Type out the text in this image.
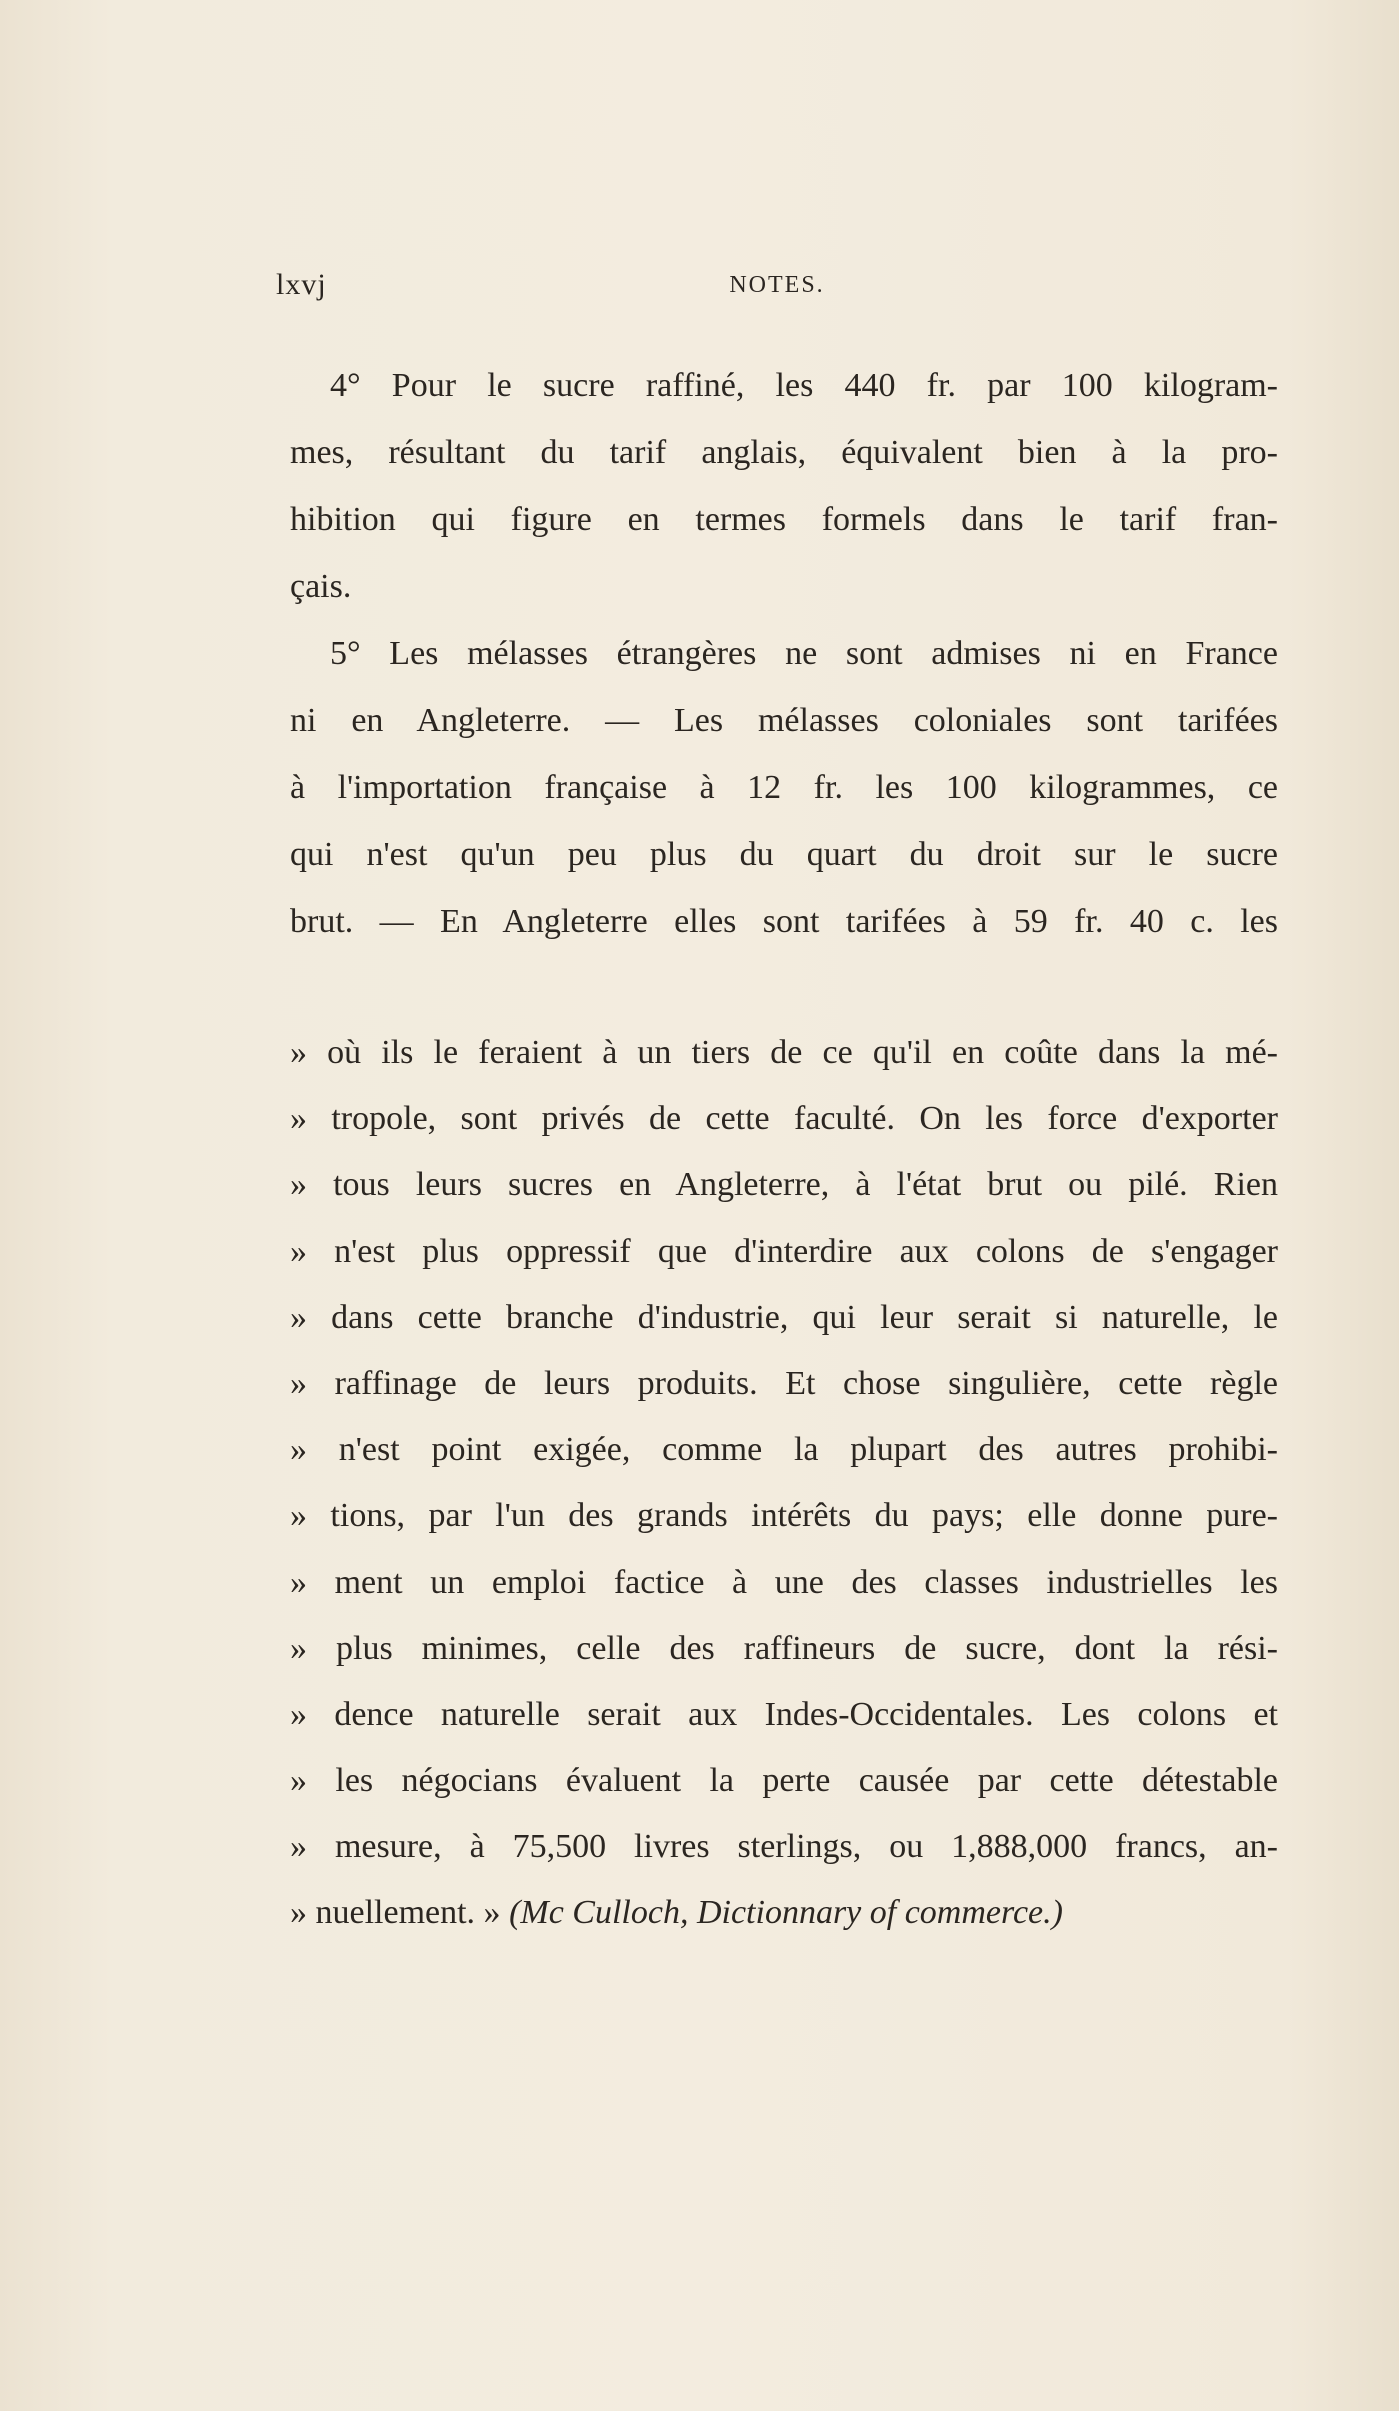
lxvj	NOTES.
4° Pour le sucre raffiné, les 440 fr. par 100 kilogram-
mes, résultant du tarif anglais, équivalent bien à la pro-
hibition qui figure en termes formels dans le tarif fran-
çais.
5° Les mélasses étrangères ne sont admises ni en France
ni en Angleterre. — Les mélasses coloniales sont tarifées
à l'importation française à 12 fr. les 100 kilogrammes, ce
qui n'est qu'un peu plus du quart du droit sur le sucre
brut. — En Angleterre elles sont tarifées à 59 fr. 40 c. les
» où ils le feraient à un tiers de ce qu'il en coûte dans la mé-
» tropole, sont privés de cette faculté. On les force d'exporter
» tous leurs sucres en Angleterre, à l'état brut ou pilé. Rien
» n'est plus oppressif que d'interdire aux colons de s'engager
» dans cette branche d'industrie, qui leur serait si naturelle, le
» raffinage de leurs produits. Et chose singulière, cette règle
» n'est point exigée, comme la plupart des autres prohibi-
» tions, par l'un des grands intérêts du pays; elle donne pure-
» ment un emploi factice à une des classes industrielles les
» plus minimes, celle des raffineurs de sucre, dont la rési-
» dence naturelle serait aux Indes-Occidentales. Les colons et
» les négocians évaluent la perte causée par cette détestable
» mesure, à 75,500 livres sterlings, ou 1,888,000 francs, an-
» nuellement. » (Mc Culloch, Dictionnary of commerce.)
